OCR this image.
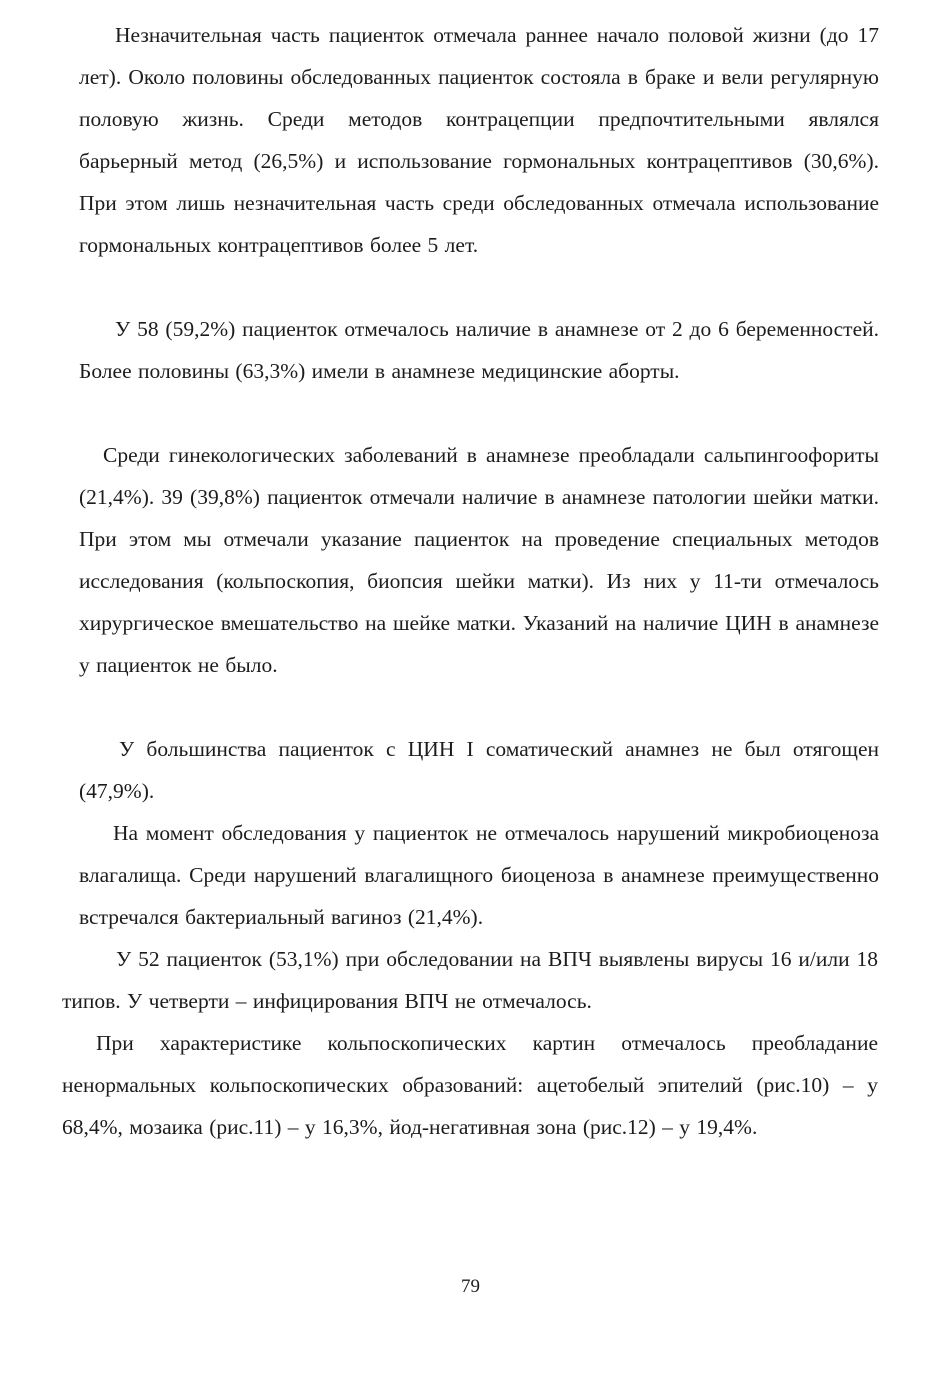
Незначительная часть пациенток отмечала раннее начало половой жизни (до 17 лет). Около половины обследованных пациенток состояла в браке и вели регулярную половую жизнь. Среди методов контрацепции предпочтительными являлся барьерный метод (26,5%) и использование гормональных контрацептивов (30,6%). При этом лишь незначительная часть среди обследованных отмечала использование гормональных контрацептивов более 5 лет.

У 58 (59,2%) пациенток отмечалось наличие в анамнезе от 2 до 6 беременностей. Более половины (63,3%) имели в анамнезе медицинские аборты.

Среди гинекологических заболеваний в анамнезе преобладали сальпингоофориты (21,4%). 39 (39,8%) пациенток отмечали наличие в анамнезе патологии шейки матки. При этом мы отмечали указание пациенток на проведение специальных методов исследования (кольпоскопия, биопсия шейки матки). Из них у 11-ти отмечалось хирургическое вмешательство на шейке матки. Указаний на наличие ЦИН в анамнезе у пациенток не было.

У большинства пациенток с ЦИН I соматический анамнез не был отягощен (47,9%).

На момент обследования у пациенток не отмечалось нарушений микробиоценоза влагалища. Среди нарушений влагалищного биоценоза в анамнезе преимущественно встречался бактериальный вагиноз (21,4%).

У 52 пациенток (53,1%) при обследовании на ВПЧ выявлены вирусы 16 и/или 18 типов. У четверти – инфицирования ВПЧ не отмечалось.

При характеристике кольпоскопических картин отмечалось преобладание ненормальных кольпоскопических образований: ацетобелый эпителий (рис.10) – у 68,4%, мозаика (рис.11) – у 16,3%, йод-негативная зона (рис.12) – у 19,4%.

79
